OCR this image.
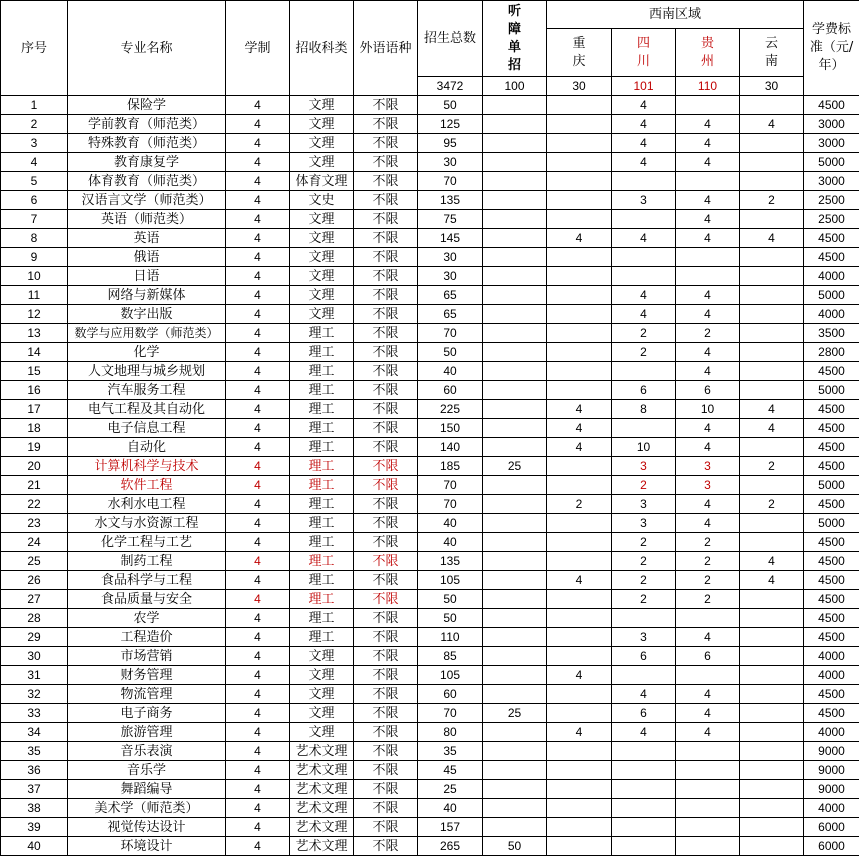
序号	专业名称	学制	招收科类	外语语种	招生总数	听障单招	西南区域				学费标准（元/年）
							重庆	四川	贵州	云南	
					3472	100	30	101	110	30	
1	保险学	4	文理	不限	50			4			4500
2	学前教育（师范类）	4	文理	不限	125			4	4	4	3000
3	特殊教育（师范类）	4	文理	不限	95			4	4		3000
4	教育康复学	4	文理	不限	30			4	4		5000
5	体育教育（师范类）	4	体育文理	不限	70						3000
6	汉语言文学（师范类）	4	文史	不限	135			3	4	2	2500
7	英语（师范类）	4	文理	不限	75				4		2500
8	英语	4	文理	不限	145		4	4	4	4	4500
9	俄语	4	文理	不限	30						4500
10	日语	4	文理	不限	30						4000
11	网络与新媒体	4	文理	不限	65			4	4		5000
12	数字出版	4	文理	不限	65			4	4		4000
13	数学与应用数学（师范类）	4	理工	不限	70			2	2		3500
14	化学	4	理工	不限	50			2	4		2800
15	人文地理与城乡规划	4	理工	不限	40				4		4500
16	汽车服务工程	4	理工	不限	60			6	6		5000
17	电气工程及其自动化	4	理工	不限	225		4	8	10	4	4500
18	电子信息工程	4	理工	不限	150		4		4	4	4500
19	自动化	4	理工	不限	140		4	10	4		4500
20	计算机科学与技术	4	理工	不限	185	25		3	3	2	4500
21	软件工程	4	理工	不限	70			2	3		5000
22	水利水电工程	4	理工	不限	70		2	3	4	2	4500
23	水文与水资源工程	4	理工	不限	40			3	4		5000
24	化学工程与工艺	4	理工	不限	40			2	2		4500
25	制药工程	4	理工	不限	135			2	2	4	4500
26	食品科学与工程	4	理工	不限	105		4	2	2	4	4500
27	食品质量与安全	4	理工	不限	50			2	2		4500
28	农学	4	理工	不限	50						4500
29	工程造价	4	理工	不限	110			3	4		4500
30	市场营销	4	文理	不限	85			6	6		4000
31	财务管理	4	文理	不限	105		4				4000
32	物流管理	4	文理	不限	60			4	4		4500
33	电子商务	4	文理	不限	70	25		6	4		4500
34	旅游管理	4	文理	不限	80		4	4	4		4000
35	音乐表演	4	艺术文理	不限	35						9000
36	音乐学	4	艺术文理	不限	45						9000
37	舞蹈编导	4	艺术文理	不限	25						9000
38	美术学（师范类）	4	艺术文理	不限	40						4000
39	视觉传达设计	4	艺术文理	不限	157						6000
40	环境设计	4	艺术文理	不限	265	50					6000
